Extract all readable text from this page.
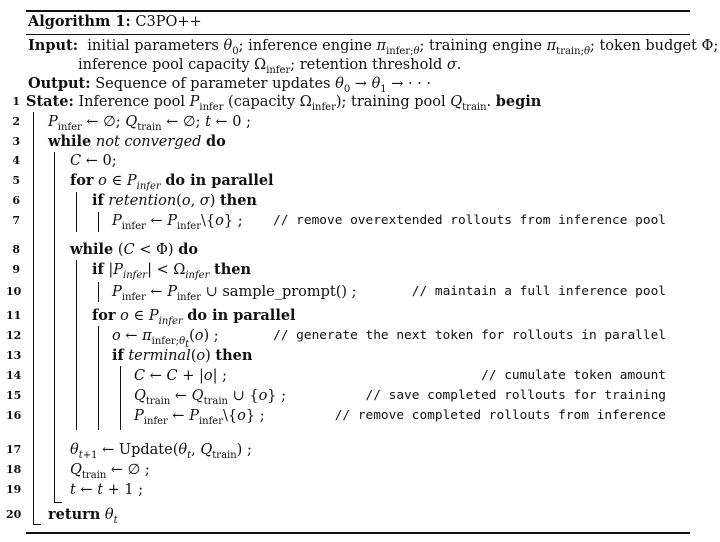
Algorithm 1: C3PO++
Input:  initial parameters $\theta_0$; inference engine $\pi_{infer;\theta}$; training engine $\pi_{train;\theta}$; token budget Φ;
inference pool capacity $\Omega_{infer}$; retention threshold σ.
Output: Sequence of parameter updates $\theta_0 \to \theta_1$ → · · ·
1
2
3
4
5
6
7
8
9
10
11
12
13
14
15
16
17
18
19
20
State: Inference pool $P_{infer}$ (capacity $\Omega_{infer}$); training pool $Q_{train}$. begin
$P_{infer}$ ← ∅; $Q_{train}$ ← ∅; t ← 0 ;
while not converged do
C ← 0;
for o ∈ $P_{infer}$ do in parallel
if retention(o, σ) then
$P_{infer}$ ← $P_{infer}\backslash\{o\}$ ; // remove overextended rollouts from inference pool
while (C < Φ) do
if $|P_{infer}| < \Omega_{infer}$ then
$P_{infer}$ ← $P_{infer}$ ∪ sample_prompt() ;	// maintain a full inference pool
for o ∈ $P_{infer}$ do in parallel
o ← $\pi_{infer;\theta_t}(o)$ ;	// generate the next token for rollouts in parallel
if terminal(o) then
C ← C + |o| ;	// cumulate token amount
$Q_{train}$ ← $Q_{train}$ ∪ {o} ;	// save completed rollouts for training
$P_{infer}$ ← $P_{infer}\backslash\{o\}$ ;	// remove completed rollouts from inference
$\theta_{t+1}$ ← $Update(\theta_t$, $Q_{train}$) ;
$Q_{train}$ ← ∅ ;
t ← t + 1 ;
return $\theta_t$
